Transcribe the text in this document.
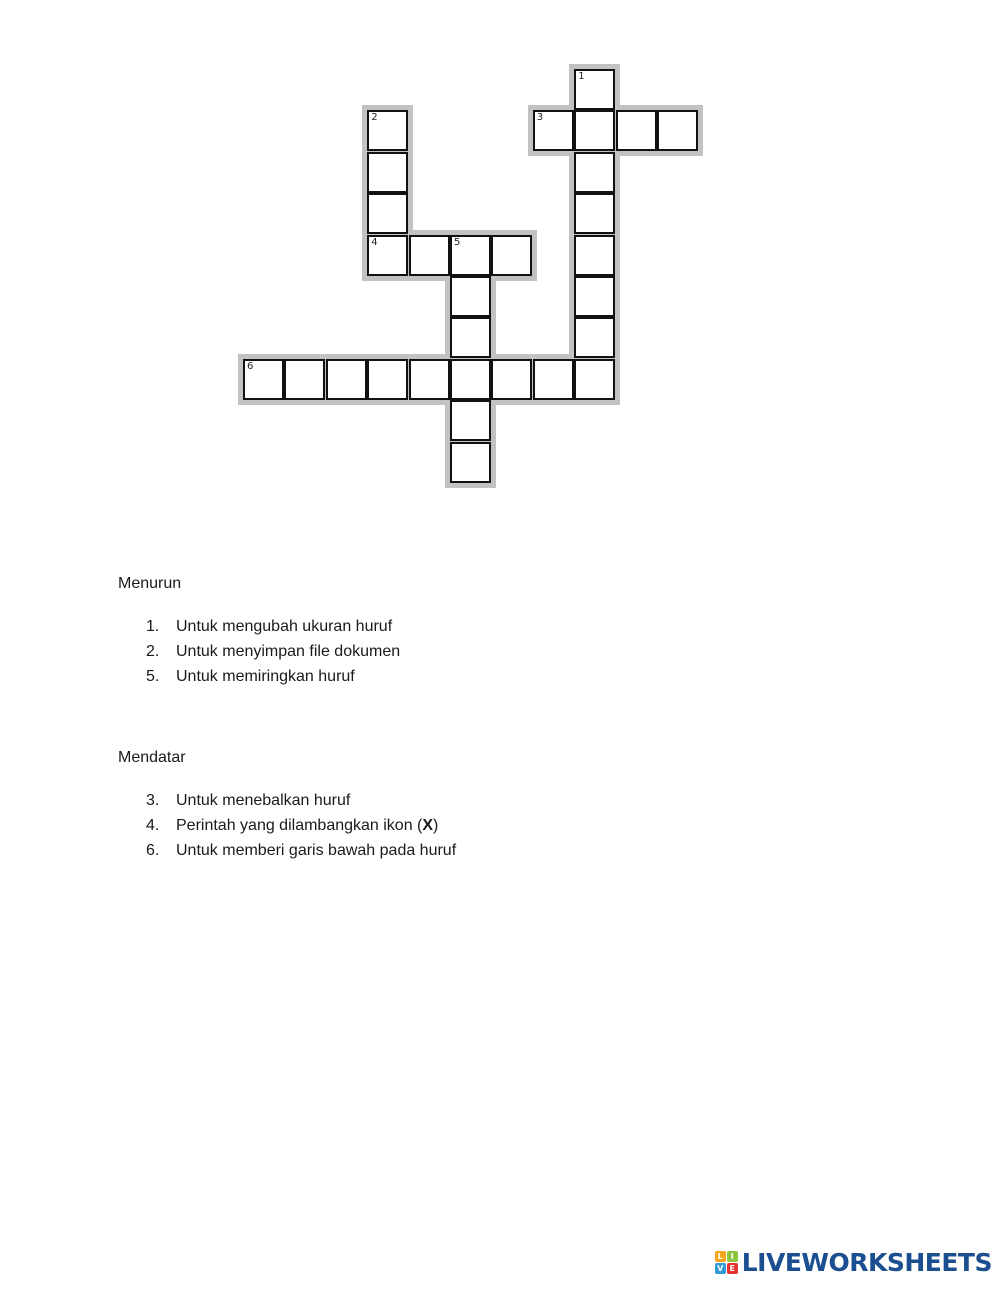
1
2	3
4	5
6
Menurun
1. Untuk mengubah ukuran huruf
2. Untuk menyimpan file dokumen
5. Untuk memiringkan huruf
Mendatar
3. Untuk menebalkan huruf
4. Perintah yang dilambangkan ikon (X)
6. Untuk memberi garis bawah pada huruf
L I
V E LIVEWORKSHEETS
